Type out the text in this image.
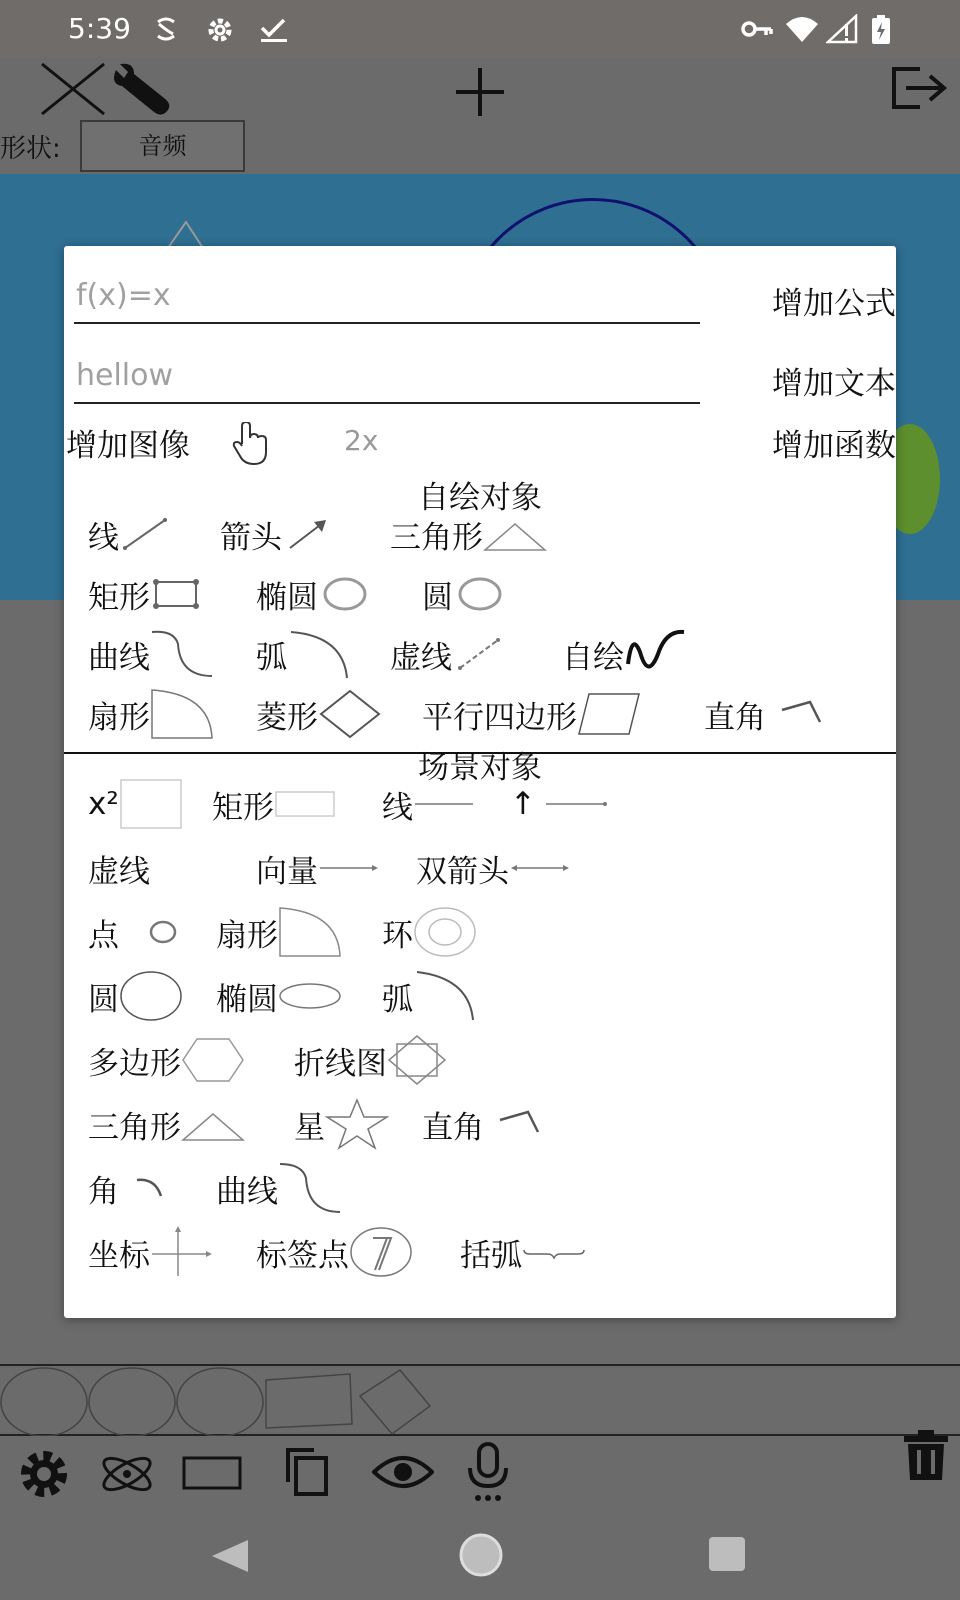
5:39
形状:	音频
f(x)=x
增加公式
hellow
增加文本
增加图像	2x	增加函数
自绘对象
线	箭头	三角形
矩形	椭圆	圆
曲线	弧	虚线	自绘
扇形	菱形	平行四边形	直角
场景对象
x²	矩形	线	↑
虚线	向量	双箭头
点	扇形	环
圆	椭圆	弧
多边形	折线图
三角形	星	直角
角	曲线
坐标	标签点	括弧
